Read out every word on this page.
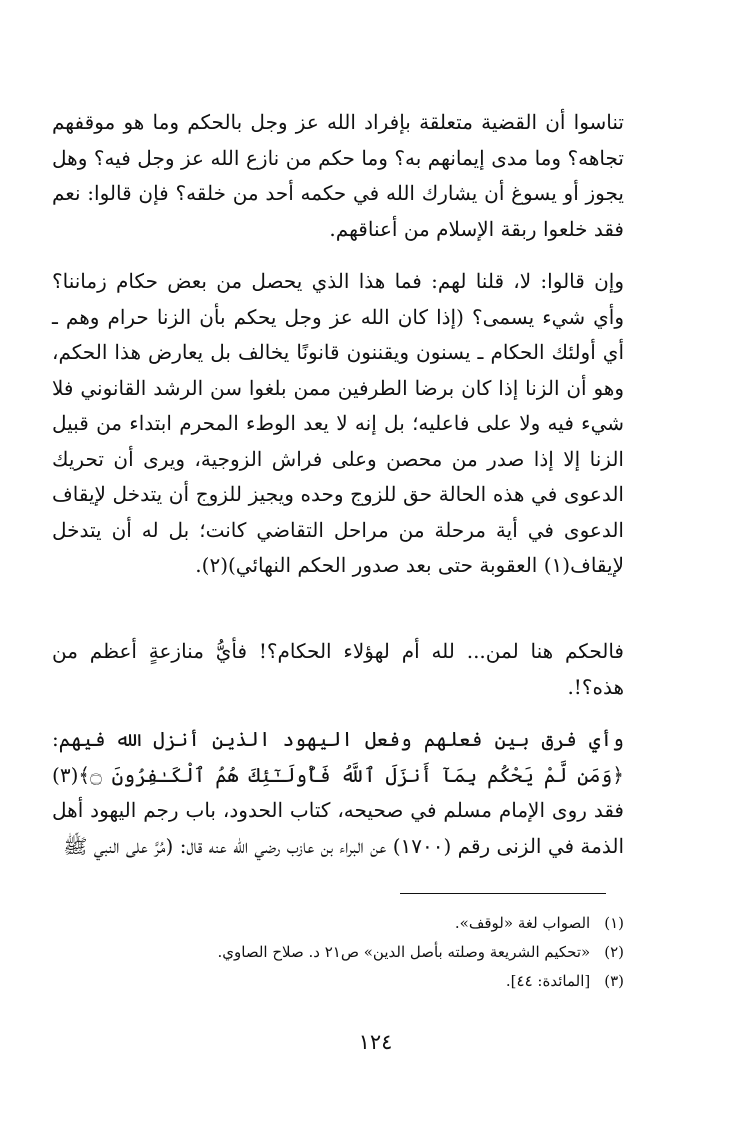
تناسوا أن القضية متعلقة بإفراد الله عز وجل بالحكم وما هو موقفهم تجاهه؟ وما مدى إيمانهم به؟ وما حكم من نازع الله عز وجل فيه؟ وهل يجوز أو يسوغ أن يشارك الله في حكمه أحد من خلقه؟ فإن قالوا: نعم فقد خلعوا ربقة الإسلام من أعناقهم.

وإن قالوا: لا، قلنا لهم: فما هذا الذي يحصل من بعض حكام زماننا؟ وأي شيء يسمى؟ (إذا كان الله عز وجل يحكم بأن الزنا حرام وهم ـ أي أولئك الحكام ـ يسنون ويقننون قانونًا يخالف بل يعارض هذا الحكم، وهو أن الزنا إذا كان برضا الطرفين ممن بلغوا سن الرشد القانوني فلا شيء فيه ولا على فاعليه؛ بل إنه لا يعد الوطء المحرم ابتداء من قبيل الزنا إلا إذا صدر من محصن وعلى فراش الزوجية، ويرى أن تحريك الدعوى في هذه الحالة حق للزوج وحده ويجيز للزوج أن يتدخل لإيقاف الدعوى في أية مرحلة من مراحل التقاضي كانت؛ بل له أن يتدخل لإيقاف(١) العقوبة حتى بعد صدور الحكم النهائي)(٢).

فالحكم هنا لمن... لله أم لهؤلاء الحكام؟! فأيُّ منازعةٍ أعظم من هذه؟!.

وأي فرق بين فعلهم وفعل اليهود الذين أنزل الله فيهم: ﴿وَمَن لَّمْ يَحْكُم بِمَآ أَنزَلَ ٱللَّهُ فَأُولَـٰٓئِكَ هُمُ ٱلْكَـٰفِرُونَ ۝﴾(٣) فقد روى الإمام مسلم في صحيحه، كتاب الحدود، باب رجم اليهود أهل الذمة في الزنى رقم (١٧٠٠) عن البراء بن عازب رضي الله عنه قال: (مُرَّ على النبي ﷺ

(١)الصواب لغة «لوقف».
(٢)«تحكيم الشريعة وصلته بأصل الدين» ص٢١ د. صلاح الصاوي.
(٣)[المائدة: ٤٤].
١٢٤
